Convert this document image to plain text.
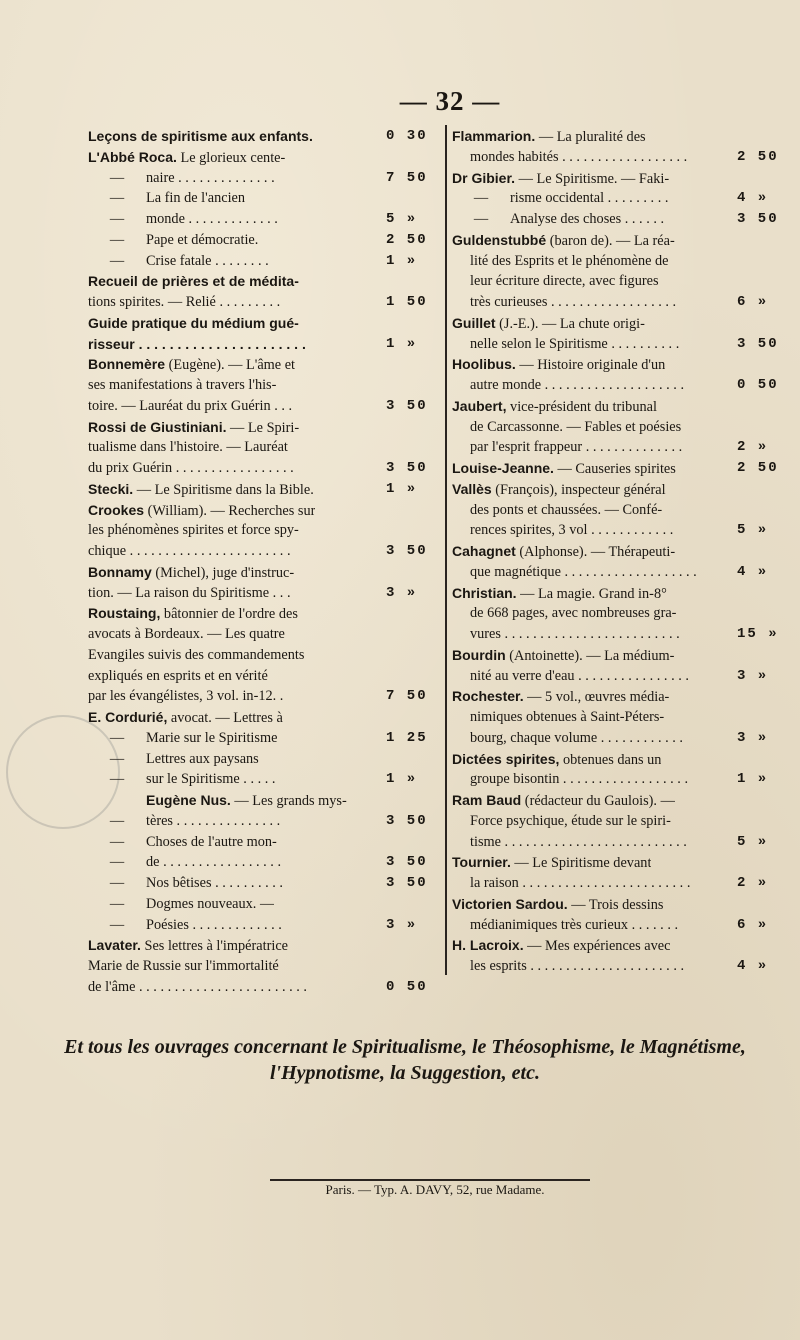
— 32 —
Leçons de spiritisme aux enfants.	0 30
L'Abbé Roca. Le glorieux cente-
— naire . . . . . . . . . . . . . .	7 50
— La fin de l'ancien
— monde . . . . . . . . . . . . .	5 »
— Pape et démocratie.	2 50
— Crise fatale . . . . . . . .	1 »
Recueil de prières et de médita-
tions spirites. — Relié . . . . . . . . .	1 50
Guide pratique du médium gué-
risseur . . . . . . . . . . . . . . . . . . . . . .	1 »
Bonnemère (Eugène). — L'âme et
ses manifestations à travers l'his-
toire. — Lauréat du prix Guérin . . .	3 50
Rossi de Giustiniani. — Le Spiri-
tualisme dans l'histoire. — Lauréat
du prix Guérin . . . . . . . . . . . . . . . . .	3 50
Stecki. — Le Spiritisme dans la Bible.	1 »
Crookes (William). — Recherches sur
les phénomènes spirites et force spy-
chique . . . . . . . . . . . . . . . . . . . . . . .	3 50
Bonnamy (Michel), juge d'instruc-
tion. — La raison du Spiritisme . . .	3 »
Roustaing, bâtonnier de l'ordre des
avocats à Bordeaux. — Les quatre
Evangiles suivis des commandements
expliqués en esprits et en vérité
par les évangélistes, 3 vol. in-12. .	7 50
E. Cordurié, avocat. — Lettres à
— Marie sur le Spiritisme	1 25
— Lettres aux paysans
— sur le Spiritisme . . . . .	1 »
Eugène Nus. — Les grands mys-
— tères . . . . . . . . . . . . . . .	3 50
— Choses de l'autre mon-
— de . . . . . . . . . . . . . . . . .	3 50
— Nos bêtises . . . . . . . . . .	3 50
— Dogmes nouveaux. —
— Poésies . . . . . . . . . . . . .	3 »
Lavater. Ses lettres à l'impératrice
Marie de Russie sur l'immortalité
de l'âme . . . . . . . . . . . . . . . . . . . . . . . .	0 50
Flammarion. — La pluralité des
mondes habités . . . . . . . . . . . . . . . . . .	2 50
Dr Gibier. — Le Spiritisme. — Faki-
— risme occidental . . . . . . . . .	4 »
— Analyse des choses . . . . . .	3 50
Guldenstubbé (baron de). — La réa-
lité des Esprits et le phénomène de
leur écriture directe, avec figures
très curieuses . . . . . . . . . . . . . . . . . .	6 »
Guillet (J.-E.). — La chute origi-
nelle selon le Spiritisme . . . . . . . . . .	3 50
Hoolibus. — Histoire originale d'un
autre monde . . . . . . . . . . . . . . . . . . . .	0 50
Jaubert, vice-président du tribunal
de Carcassonne. — Fables et poésies
par l'esprit frappeur . . . . . . . . . . . . . .	2 »
Louise-Jeanne. — Causeries spirites	2 50
Vallès (François), inspecteur général
des ponts et chaussées. — Confé-
rences spirites, 3 vol . . . . . . . . . . . .	5 »
Cahagnet (Alphonse). — Thérapeuti-
que magnétique . . . . . . . . . . . . . . . . . . .	4 »
Christian. — La magie. Grand in-8°
de 668 pages, avec nombreuses gra-
vures . . . . . . . . . . . . . . . . . . . . . . . . .	15 »
Bourdin (Antoinette). — La médium-
nité au verre d'eau . . . . . . . . . . . . . . . .	3 »
Rochester. — 5 vol., œuvres média-
nimiques obtenues à Saint-Péters-
bourg, chaque volume . . . . . . . . . . . .	3 »
Dictées spirites, obtenues dans un
groupe bisontin . . . . . . . . . . . . . . . . . .	1 »
Ram Baud (rédacteur du Gaulois). —
Force psychique, étude sur le spiri-
tisme . . . . . . . . . . . . . . . . . . . . . . . . . .	5 »
Tournier. — Le Spiritisme devant
la raison . . . . . . . . . . . . . . . . . . . . . . . .	2 »
Victorien Sardou. — Trois dessins
médianimiques très curieux . . . . . . .	6 »
H. Lacroix. — Mes expériences avec
les esprits . . . . . . . . . . . . . . . . . . . . . .	4 »
Et tous les ouvrages concernant le Spiritualisme, le Théosophisme, le Magnétisme, l'Hypnotisme, la Suggestion, etc.
Paris. — Typ. A. DAVY, 52, rue Madame.
